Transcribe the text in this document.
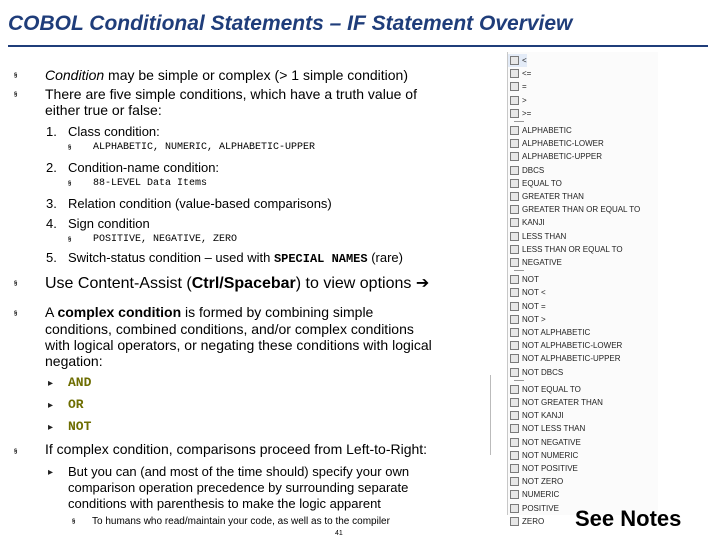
COBOL Conditional Statements – IF Statement Overview
§ Condition may be simple or complex (> 1 simple condition)
§ There are five simple conditions, which have a truth value of
either true or false:
1. Class condition:
§ ALPHABETIC, NUMERIC, ALPHABETIC-UPPER
2. Condition-name condition:
§ 88-LEVEL Data Items
3. Relation condition (value-based comparisons)
4. Sign condition
§ POSITIVE, NEGATIVE, ZERO
5. Switch-status condition – used with SPECIAL NAMES (rare)
§ Use Content-Assist (Ctrl/Spacebar) to view options ➔
§ A complex condition is formed by combining simple
conditions, combined conditions, and/or complex conditions
with logical operators, or negating these conditions with logical
negation:
▸ AND
▸ OR
▸ NOT
§ If complex condition, comparisons proceed from Left-to-Right:
▸ But you can (and most of the time should) specify your own
comparison operation precedence by surrounding separate
conditions with parenthesis to make the logic apparent
§ To humans who read/maintain your code, as well as to the compiler
<
<=
=
>
>=
ALPHABETIC
ALPHABETIC-LOWER
ALPHABETIC-UPPER
DBCS
EQUAL TO
GREATER THAN
GREATER THAN OR EQUAL TO
KANJI
LESS THAN
LESS THAN OR EQUAL TO
NEGATIVE
NOT
NOT <
NOT =
NOT >
NOT ALPHABETIC
NOT ALPHABETIC-LOWER
NOT ALPHABETIC-UPPER
NOT DBCS
NOT EQUAL TO
NOT GREATER THAN
NOT KANJI
NOT LESS THAN
NOT NEGATIVE
NOT NUMERIC
NOT POSITIVE
NOT ZERO
NUMERIC
POSITIVE
ZERO See Notes
41
